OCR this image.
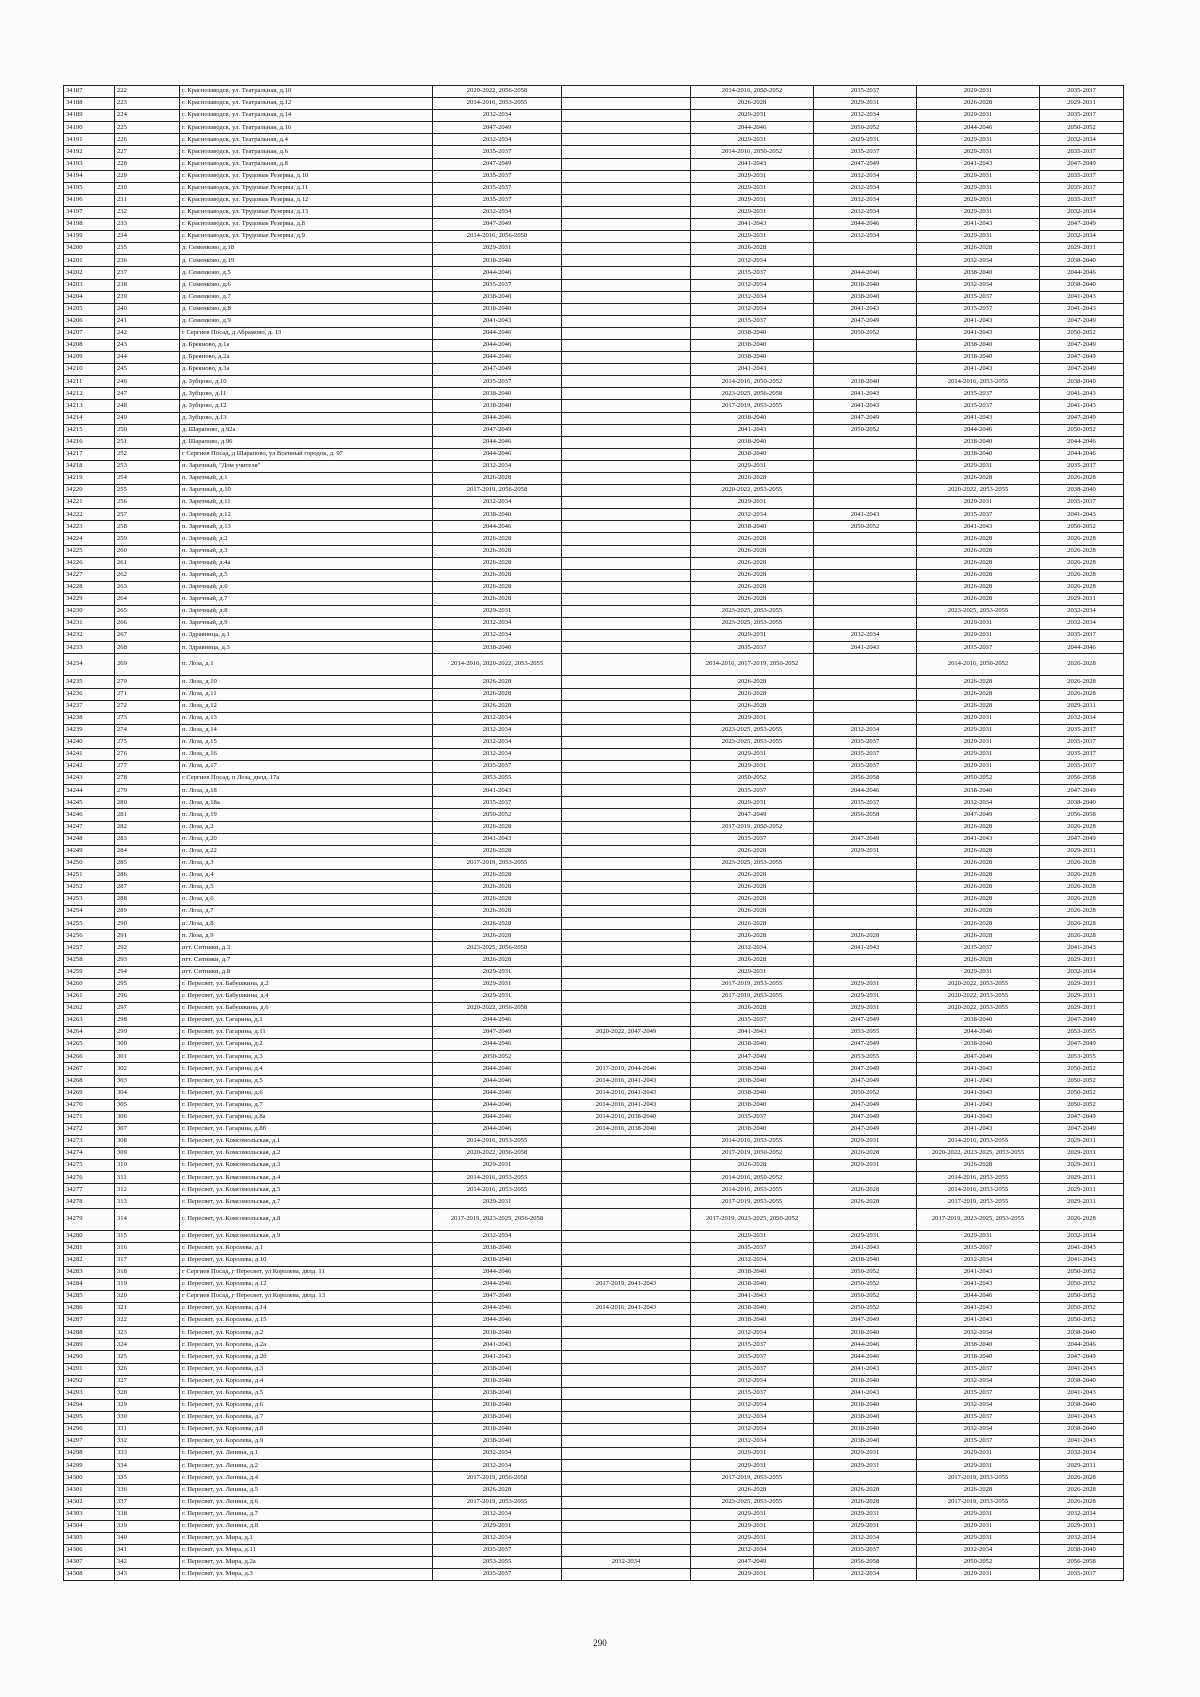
34187	222	г. Краснозаводск, ул. Театральная, д.10	2020-2022, 2056-2058		2014-2016, 2050-2052	2035-2037	2029-2031	2035-2037
34188	223	г. Краснозаводск, ул. Театральная, д.12	2014-2016, 2053-2055		2026-2028	2029-2031	2026-2028	2029-2031
34189	224	г. Краснозаводск, ул. Театральная, д.14	2032-2034		2029-2031	2032-2034	2029-2031	2035-2037
34190	225	г. Краснозаводск, ул. Театральная, д.16	2047-2049		2044-2046	2050-2052	2044-2046	2050-2052
34191	226	г. Краснозаводск, ул. Театральная, д.4	2032-2034		2029-2031	2029-2031	2029-2031	2032-2034
34192	227	г. Краснозаводск, ул. Театральная, д.6	2035-2037		2014-2016, 2050-2052	2035-2037	2029-2031	2035-2037
34193	228	г. Краснозаводск, ул. Театральная, д.8	2047-2049		2041-2043	2047-2049	2041-2043	2047-2049
34194	229	г. Краснозаводск, ул. Трудовые Резервы, д.10	2035-2037		2029-2031	2032-2034	2029-2031	2035-2037
34195	230	г. Краснозаводск, ул. Трудовые Резервы, д.11	2035-2037		2029-2031	2032-2034	2029-2031	2035-2037
34196	231	г. Краснозаводск, ул. Трудовые Резервы, д.12	2035-2037		2029-2031	2032-2034	2029-2031	2035-2037
34197	232	г. Краснозаводск, ул. Трудовые Резервы, д.13	2032-2034		2029-2031	2032-2034	2029-2031	2032-2034
34198	233	г. Краснозаводск, ул. Трудовые Резервы, д.8	2047-2049		2041-2043	2044-2046	2041-2043	2047-2049
34199	234	г. Краснозаводск, ул. Трудовые Резервы, д.9	2014-2016, 2056-2058		2029-2031	2032-2034	2029-2031	2032-2034
34200	235	д. Семенково, д.18	2029-2031		2026-2028		2026-2028	2029-2031
34201	236	д. Семенково, д.19	2038-2040		2032-2034		2032-2034	2038-2040
34202	237	д. Семенково, д.5	2044-2046		2035-2037	2044-2046	2038-2040	2044-2046
34203	238	д. Семенково, д.6	2035-2037		2032-2034	2038-2040	2032-2034	2038-2040
34204	239	д. Семенково, д.7	2038-2040		2032-2034	2038-2040	2035-2037	2041-2043
34205	240	д. Семенково, д.8	2038-2040		2032-2034	2041-2043	2035-2037	2041-2043
34206	241	д. Семенково, д.9	2041-2043		2035-2037	2047-2049	2041-2043	2047-2049
34207	242	г Сергиев Посад, д Абрамово, д. 13	2044-2046		2038-2040	2050-2052	2041-2043	2050-2052
34208	243	д. Бреяново, д.1а	2044-2046		2038-2040		2038-2040	2047-2049
34209	244	д. Бреяново, д.2а	2044-2046		2038-2040		2038-2040	2047-2049
34210	245	д. Бреяново, д.3а	2047-2049		2041-2043		2041-2043	2047-2049
34211	246	д. Зубцово, д.10	2035-2037		2014-2016, 2050-2052	2038-2040	2014-2016, 2053-2055	2038-2040
34212	247	д. Зубцово, д.11	2038-2040		2023-2025, 2056-2058	2041-2043	2035-2037	2041-2043
34213	248	д. Зубцово, д.12	2038-2040		2017-2019, 2053-2055	2041-2043	2035-2037	2041-2043
34214	249	д. Зубцово, д.13	2044-2046		2038-2040	2047-2049	2041-2043	2047-2049
34215	250	д. Шарапово, д.92а	2047-2049		2041-2043	2050-2052	2044-2046	2050-2052
34216	251	д. Шарапово, д.96	2044-2046		2038-2040		2038-2040	2044-2046
34217	252	г Сергиев Посад, д Шарапово, ул Военный городок, д. 97	2044-2046		2038-2040		2038-2040	2044-2046
34218	253	п. Заречный, "Дом учителя"	2032-2034		2029-2031		2029-2031	2035-2037
34219	254	п. Заречный, д.1	2026-2028		2026-2028		2026-2028	2026-2028
34220	255	п. Заречный, д.10	2017-2019, 2056-2058		2020-2022, 2053-2055		2020-2022, 2053-2055	2038-2040
34221	256	п. Заречный, д.11	2032-2034		2029-2031		2029-2031	2035-2037
34222	257	п. Заречный, д.12	2038-2040		2032-2034	2041-2043	2035-2037	2041-2043
34223	258	п. Заречный, д.13	2044-2046		2038-2040	2050-2052	2041-2043	2050-2052
34224	259	п. Заречный, д.2	2026-2028		2026-2028		2026-2028	2026-2028
34225	260	п. Заречный, д.3	2026-2028		2026-2028		2026-2028	2026-2028
34226	261	п. Заречный, д.4а	2026-2028		2026-2028		2026-2028	2026-2028
34227	262	п. Заречный, д.5	2026-2028		2026-2028		2026-2028	2026-2028
34228	263	п. Заречный, д.6	2026-2028		2026-2028		2026-2028	2026-2028
34229	264	п. Заречный, д.7	2026-2028		2026-2028		2026-2028	2029-2031
34230	265	п. Заречный, д.8	2029-2031		2023-2025, 2053-2055		2023-2025, 2053-2055	2032-2034
34231	266	п. Заречный, д.9	2032-2034		2023-2025, 2053-2055		2029-2031	2032-2034
34232	267	п. Здравница, д.1	2032-2034		2029-2031	2032-2034	2029-2031	2035-2037
34233	268	п. Здравница, д.3	2038-2040		2035-2037	2041-2043	2035-2037	2044-2046
34234	269	п. Лоза, д.1	2014-2016, 2020-2022, 2053-2055		2014-2016, 2017-2019, 2050-2052		2014-2016, 2050-2052	2026-2028
34235	270	п. Лоза, д.10	2026-2028		2026-2028		2026-2028	2026-2028
34236	271	п. Лоза, д.11	2026-2028		2026-2028		2026-2028	2026-2028
34237	272	п. Лоза, д.12	2026-2028		2026-2028		2026-2028	2029-2031
34238	273	п. Лоза, д.13	2032-2034		2029-2031		2029-2031	2032-2034
34239	274	п. Лоза, д.14	2032-2034		2023-2025, 2053-2055	2032-2034	2029-2031	2035-2037
34240	275	п. Лоза, д.15	2032-2034		2023-2025, 2053-2055	2035-2037	2029-2031	2035-2037
34241	276	п. Лоза, д.16	2032-2034		2029-2031	2035-2037	2029-2031	2035-2037
34242	277	п. Лоза, д.17	2035-2037		2029-2031	2035-2037	2029-2031	2035-2037
34243	278	г Сергиев Посад, п Лоза, двлд. 17а	2053-2055		2050-2052	2056-2058	2050-2052	2056-2058
34244	279	п. Лоза, д.18	2041-2043		2035-2037	2044-2046	2038-2040	2047-2049
34245	280	п. Лоза, д.18а	2035-2037		2029-2031	2035-2037	2032-2034	2038-2040
34246	281	п. Лоза, д.19	2050-2052		2047-2049	2056-2058	2047-2049	2056-2058
34247	282	п. Лоза, д.2	2026-2028		2017-2019, 2050-2052		2026-2028	2026-2028
34248	283	п. Лоза, д.20	2041-2043		2035-2037	2047-2049	2041-2043	2047-2049
34249	284	п. Лоза, д.22	2026-2028		2026-2028	2029-2031	2026-2028	2029-2031
34250	285	п. Лоза, д.3	2017-2019, 2053-2055		2023-2025, 2053-2055		2026-2028	2026-2028
34251	286	п. Лоза, д.4	2026-2028		2026-2028		2026-2028	2026-2028
34252	287	п. Лоза, д.5	2026-2028		2026-2028		2026-2028	2026-2028
34253	288	п. Лоза, д.6	2026-2028		2026-2028		2026-2028	2026-2028
34254	289	п. Лоза, д.7	2026-2028		2026-2028		2026-2028	2026-2028
34255	290	п. Лоза, д.8	2026-2028		2026-2028		2026-2028	2026-2028
34256	291	п. Лоза, д.9	2026-2028		2026-2028	2026-2028	2026-2028	2026-2028
34257	292	пгт. Ситники, д.3	2023-2025, 2056-2058		2032-2034	2041-2043	2035-2037	2041-2043
34258	293	пгт. Ситники, д.7	2026-2028		2026-2028		2026-2028	2029-2031
34259	294	пгт. Ситники, д.8	2029-2031		2029-2031		2029-2031	2032-2034
34260	295	г. Пересвет, ул. Бабушкина, д.2	2029-2031		2017-2019, 2053-2055	2029-2031	2020-2022, 2053-2055	2029-2031
34261	296	г. Пересвет, ул. Бабушкина, д.4	2029-2031		2017-2019, 2053-2055	2029-2031	2020-2022, 2053-2055	2029-2031
34262	297	г. Пересвет, ул. Бабушкина, д.6	2020-2022, 2056-2058		2026-2028	2029-2031	2020-2022, 2053-2055	2029-2031
34263	298	г. Пересвет, ул. Гагарина, д.1	2044-2046		2035-2037	2047-2049	2038-2040	2047-2049
34264	299	г. Пересвет, ул. Гагарина, д.11	2047-2049	2020-2022, 2047-2049	2041-2043	2053-2055	2044-2046	2053-2055
34265	300	г. Пересвет, ул. Гагарина, д.2	2044-2046		2038-2040	2047-2049	2038-2040	2047-2049
34266	301	г. Пересвет, ул. Гагарина, д.3	2050-2052		2047-2049	2053-2055	2047-2049	2053-2055
34267	302	г. Пересвет, ул. Гагарина, д.4	2044-2046	2017-2019, 2044-2046	2038-2040	2047-2049	2041-2043	2050-2052
34268	303	г. Пересвет, ул. Гагарина, д.5	2044-2046	2014-2016, 2041-2043	2038-2040	2047-2049	2041-2043	2050-2052
34269	304	г. Пересвет, ул. Гагарина, д.6	2044-2046	2014-2016, 2041-2043	2038-2040	2050-2052	2041-2043	2050-2052
34270	305	г. Пересвет, ул. Гагарина, д.7	2044-2046	2014-2016, 2041-2043	2038-2040	2047-2049	2041-2043	2050-2052
34271	306	г. Пересвет, ул. Гагарина, д.8а	2044-2046	2014-2016, 2038-2040	2035-2037	2047-2049	2041-2043	2047-2049
34272	307	г. Пересвет, ул. Гагарина, д.8б	2044-2046	2014-2016, 2038-2040	2038-2040	2047-2049	2041-2043	2047-2049
34273	308	г. Пересвет, ул. Комсомольская, д.1	2014-2016, 2053-2055		2014-2016, 2053-2055	2029-2031	2014-2016, 2053-2055	2029-2031
34274	309	г. Пересвет, ул. Комсомольская, д.2	2020-2022, 2056-2058		2017-2019, 2050-2052	2026-2028	2020-2022, 2023-2025, 2053-2055	2029-2031
34275	310	г. Пересвет, ул. Комсомольская, д.3	2029-2031		2026-2028	2029-2031	2026-2028	2029-2031
34276	311	г. Пересвет, ул. Комсомольская, д.4	2014-2016, 2053-2055		2014-2016, 2050-2052		2014-2016, 2053-2055	2029-2031
34277	312	г. Пересвет, ул. Комсомольская, д.5	2014-2016, 2053-2055		2014-2016, 2053-2055	2026-2028	2014-2016, 2053-2055	2029-2031
34278	313	г. Пересвет, ул. Комсомольская, д.7	2029-2031		2017-2019, 2053-2055	2026-2028	2017-2019, 2053-2055	2029-2031
34279	314	г. Пересвет, ул. Комсомольская, д.8	2017-2019, 2023-2025, 2056-2058		2017-2019, 2023-2025, 2050-2052		2017-2019, 2023-2025, 2053-2055	2026-2028
34280	315	г. Пересвет, ул. Комсомольская, д.9	2032-2034		2029-2031	2029-2031	2029-2031	2032-2034
34281	316	г. Пересвет, ул. Королева, д.1	2038-2040		2035-2037	2041-2043	2035-2037	2041-2043
34282	317	г. Пересвет, ул. Королева, д.10	2038-2040		2032-2034	2038-2040	2032-2034	2041-2043
34283	318	г Сергиев Посад, г Пересвет, ул Королева, двлд. 11	2044-2046		2038-2040	2050-2052	2041-2043	2050-2052
34284	319	г. Пересвет, ул. Королева, д.12	2044-2046	2017-2019, 2041-2043	2038-2040	2050-2052	2041-2043	2050-2052
34285	320	г Сергиев Посад, г Пересвет, ул Королева, двлд. 13	2047-2049		2041-2043	2050-2052	2044-2046	2050-2052
34286	321	г. Пересвет, ул. Королева, д.14	2044-2046	2014-2016, 2041-2043	2038-2040	2050-2052	2041-2043	2050-2052
34287	322	г. Пересвет, ул. Королева, д.15	2044-2046		2038-2040	2047-2049	2041-2043	2050-2052
34288	323	г. Пересвет, ул. Королева, д.2	2038-2040		2032-2034	2038-2040	2032-2034	2038-2040
34289	324	г. Пересвет, ул. Королева, д.2а	2041-2043		2035-2037	2044-2046	2038-2040	2044-2046
34290	325	г. Пересвет, ул. Королева, д.2б	2041-2043		2035-2037	2044-2046	2038-2040	2047-2049
34291	326	г. Пересвет, ул. Королева, д.3	2038-2040		2035-2037	2041-2043	2035-2037	2041-2043
34292	327	г. Пересвет, ул. Королева, д.4	2038-2040		2032-2034	2038-2040	2032-2034	2038-2040
34293	328	г. Пересвет, ул. Королева, д.5	2038-2040		2035-2037	2041-2043	2035-2037	2041-2043
34294	329	г. Пересвет, ул. Королева, д.6	2038-2040		2032-2034	2038-2040	2032-2034	2038-2040
34295	330	г. Пересвет, ул. Королева, д.7	2038-2040		2032-2034	2038-2040	2035-2037	2041-2043
34296	331	г. Пересвет, ул. Королева, д.8	2038-2040		2032-2034	2038-2040	2032-2034	2038-2040
34297	332	г. Пересвет, ул. Королева, д.9	2038-2040		2032-2034	2038-2040	2035-2037	2041-2043
34298	333	г. Пересвет, ул. Ленина, д.1	2032-2034		2029-2031	2029-2031	2029-2031	2032-2034
34299	334	г. Пересвет, ул. Ленина, д.2	2032-2034		2029-2031	2029-2031	2029-2031	2029-2031
34300	335	г. Пересвет, ул. Ленина, д.4	2017-2019, 2056-2058		2017-2019, 2053-2055		2017-2019, 2053-2055	2026-2028
34301	336	г. Пересвет, ул. Ленина, д.5	2026-2028		2026-2028	2026-2028	2026-2028	2026-2028
34302	337	г. Пересвет, ул. Ленина, д.6	2017-2019, 2053-2055		2023-2025, 2053-2055	2026-2028	2017-2019, 2053-2055	2026-2028
34303	338	г. Пересвет, ул. Ленина, д.7	2032-2034		2029-2031	2029-2031	2029-2031	2032-2034
34304	339	г. Пересвет, ул. Ленина, д.8	2029-2031		2029-2031	2029-2031	2029-2031	2029-2031
34305	340	г. Пересвет, ул. Мира, д.1	2032-2034		2029-2031	2032-2034	2029-2031	2032-2034
34306	341	г. Пересвет, ул. Мира, д.11	2035-2037		2032-2034	2035-2037	2032-2034	2038-2040
34307	342	г. Пересвет, ул. Мира, д.2а	2053-2055	2032-2034	2047-2049	2056-2058	2050-2052	2056-2058
34308	343	г. Пересвет, ул. Мира, д.3	2035-2037		2029-2031	2032-2034	2029-2031	2035-2037
290
